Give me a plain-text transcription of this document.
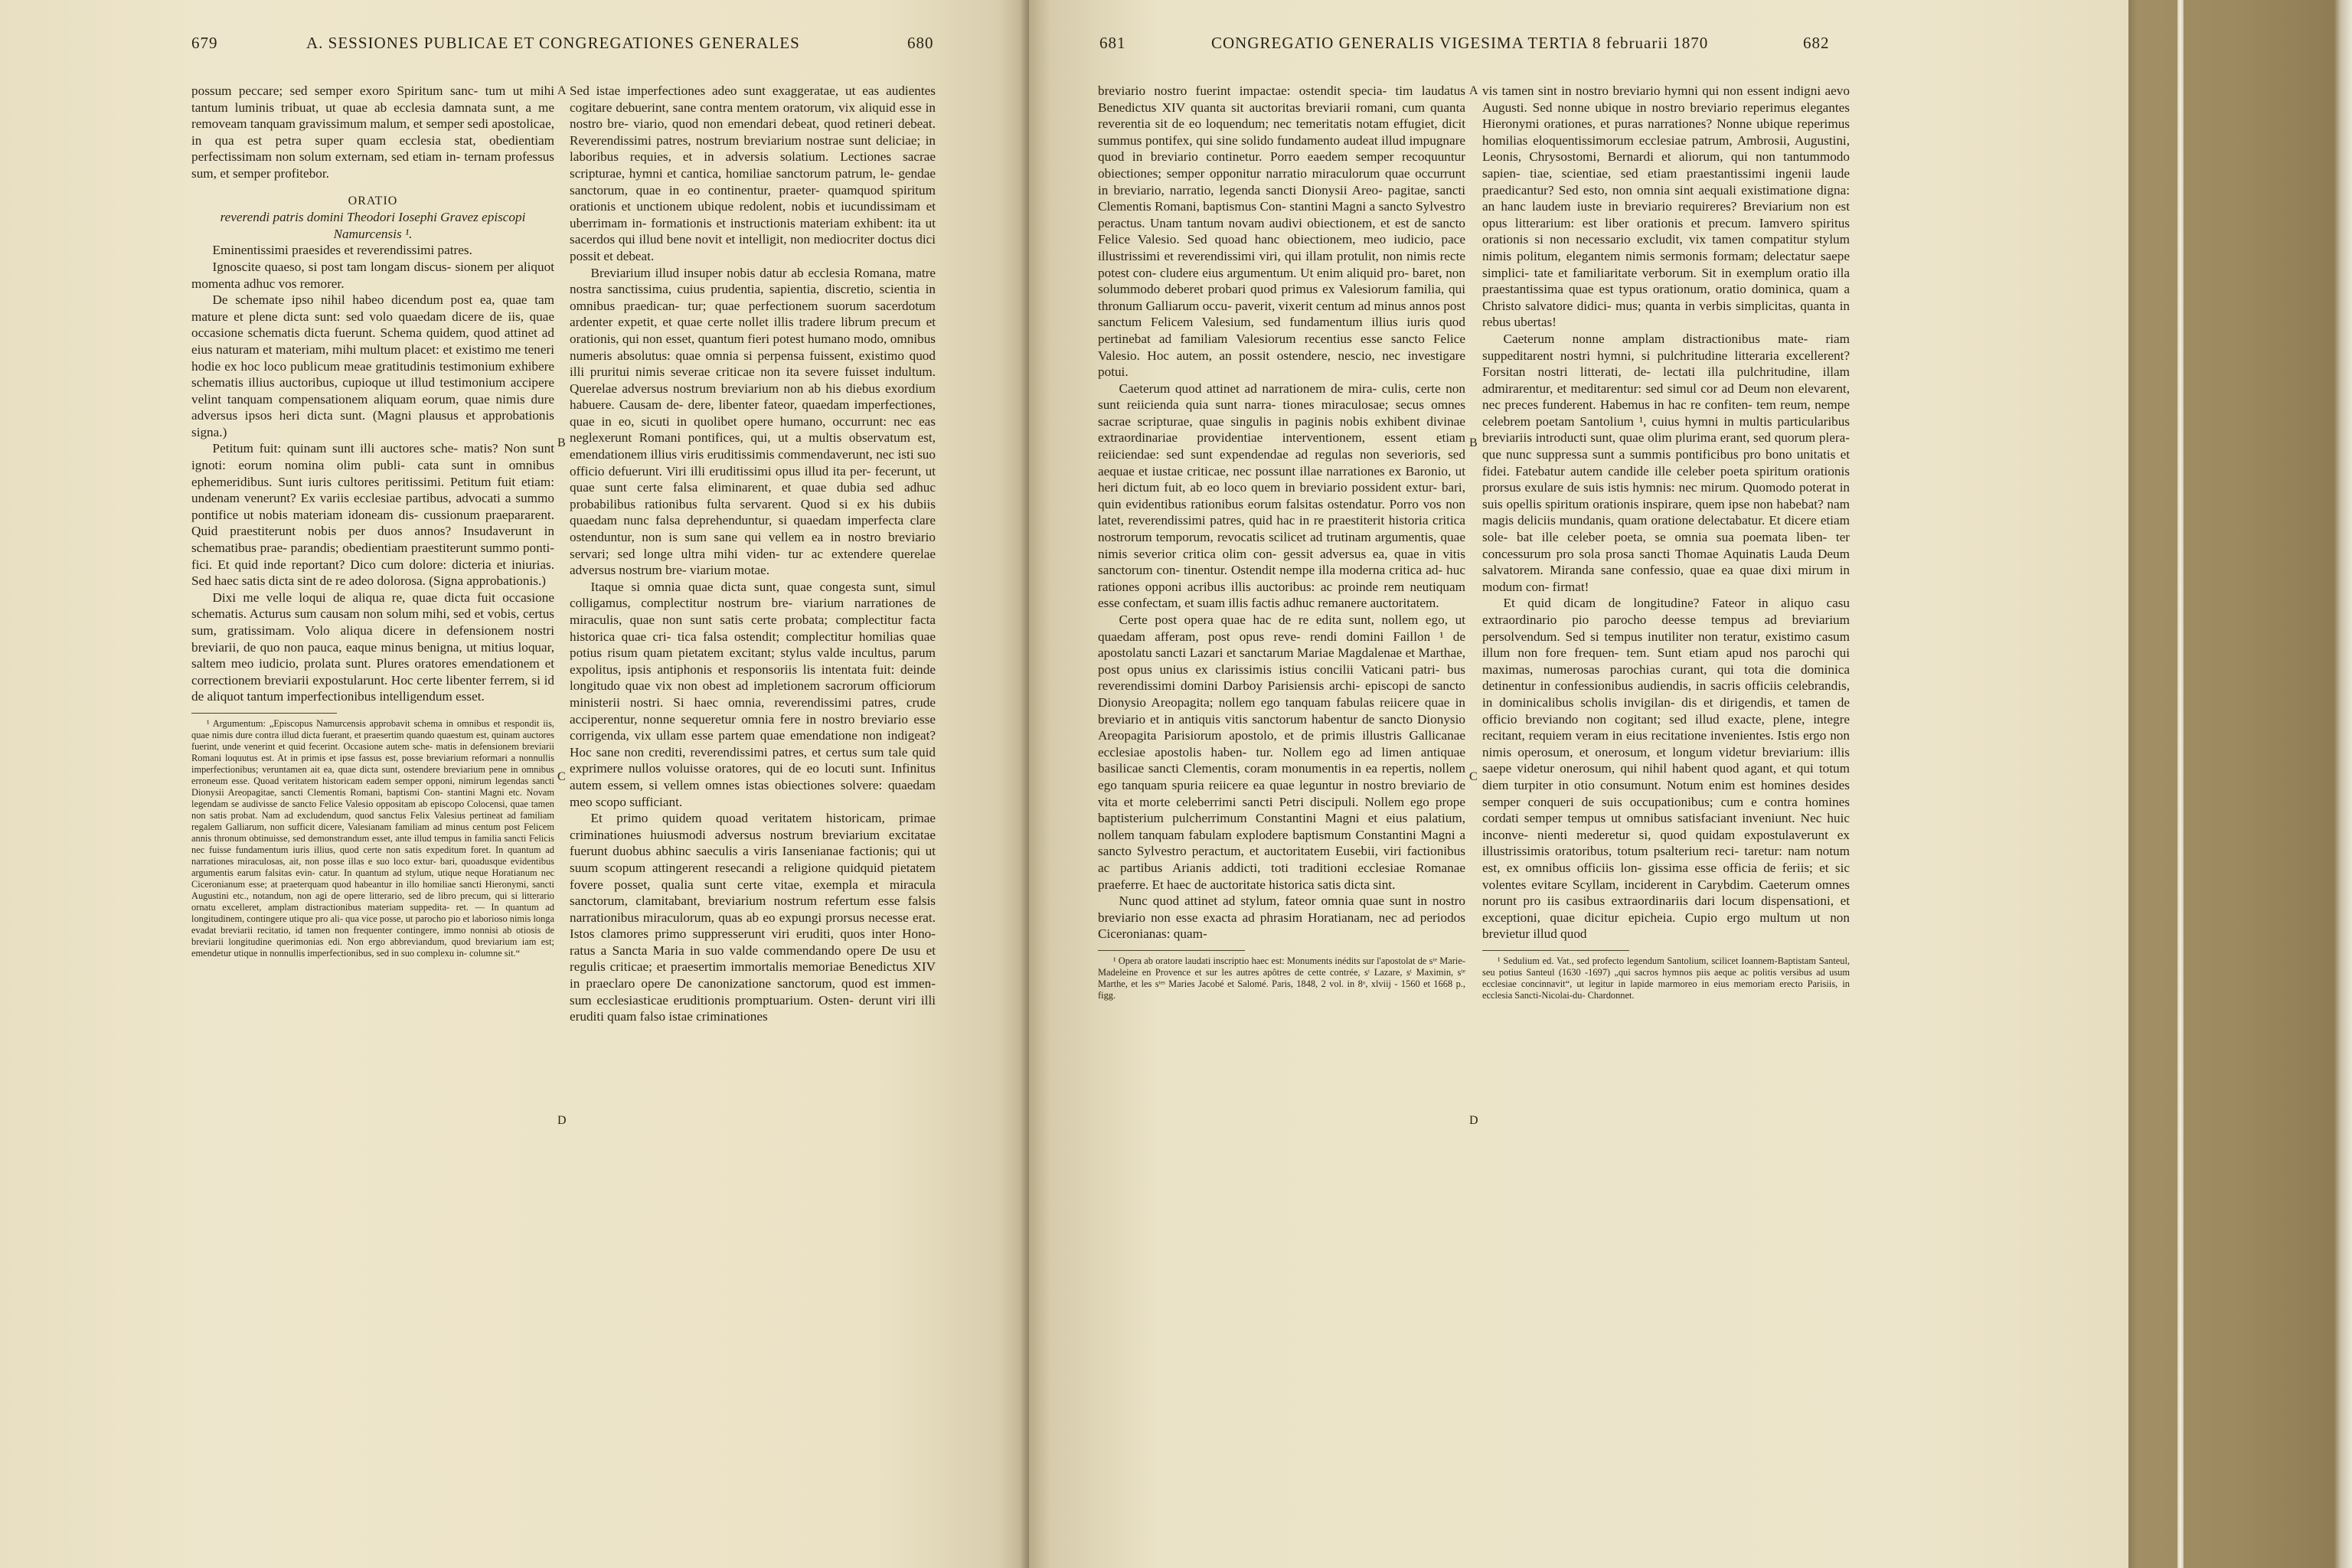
679	A. SESSIONES PUBLICAE ET CONGREGATIONES GENERALES	680

possum peccare; sed semper exoro Spiritum sanc- tum ut mihi tantum luminis tribuat, ut quae ab ecclesia damnata sunt, a me removeam tanquam gravissimum malum, et semper sedi apostolicae, in qua est petra super quam ecclesia stat, obedientiam perfectissimam non solum externam, sed etiam in- ternam professus sum, et semper profitebor.

ORATIO

reverendi patris domini Theodori Iosephi Gravez episcopi Namurcensis ¹.

Eminentissimi praesides et reverendissimi patres.

Ignoscite quaeso, si post tam longam discus- sionem per aliquot momenta adhuc vos remorer.

De schemate ipso nihil habeo dicendum post ea, quae tam mature et plene dicta sunt: sed volo quaedam dicere de iis, quae occasione schematis dicta fuerunt. Schema quidem, quod attinet ad eius naturam et materiam, mihi multum placet: et existimo me teneri hodie ex hoc loco publicum meae gratitudinis testimonium exhibere schematis illius auctoribus, cupioque ut illud testimonium accipere velint tanquam compensationem aliquam eorum, quae nimis dure adversus ipsos heri dicta sunt. (Magni plausus et approbationis signa.)

Petitum fuit: quinam sunt illi auctores sche- matis? Non sunt ignoti: eorum nomina olim publi- cata sunt in omnibus ephemeridibus. Sunt iuris cultores peritissimi. Petitum fuit etiam: undenam venerunt? Ex variis ecclesiae partibus, advocati a summo pontifice ut nobis materiam idoneam dis- cussionum praepararent. Quid praestiterunt nobis per duos annos? Insudaverunt in schematibus prae- parandis; obedientiam praestiterunt summo ponti- fici. Et quid inde reportant? Dico cum dolore: dicteria et iniurias. Sed haec satis dicta sint de re adeo dolorosa. (Signa approbationis.)

Dixi me velle loqui de aliqua re, quae dicta fuit occasione schematis. Acturus sum causam non solum mihi, sed et vobis, certus sum, gratissimam. Volo aliqua dicere in defensionem nostri breviarii, de quo non pauca, eaque minus benigna, ut mitius loquar, saltem meo iudicio, prolata sunt. Plures oratores emendationem et correctionem breviarii expostularunt. Hoc certe libenter ferrem, si id de aliquot tantum imperfectionibus intelligendum esset.

¹ Argumentum: „Episcopus Namurcensis approbavit schema in omnibus et respondit iis, quae nimis dure contra illud dicta fuerant, et praesertim quando quaestum est, quinam auctores fuerint, unde venerint et quid fecerint. Occasione autem sche- matis in defensionem breviarii Romani loquutus est. At in primis et ipse fassus est, posse breviarium reformari a nonnullis imperfectionibus; veruntamen ait ea, quae dicta sunt, ostendere breviarium pene in omnibus erroneum esse. Quoad veritatem historicam eadem semper opponi, nimirum legendas sancti Dionysii Areopagitae, sancti Clementis Romani, baptismi Con- stantini Magni etc. Novam legendam se audivisse de sancto Felice Valesio oppositam ab episcopo Colocensi, quae tamen non satis probat. Nam ad excludendum, quod sanctus Felix Valesius pertineat ad familiam regalem Galliarum, non sufficit dicere, Valesianam familiam ad minus centum post Felicem annis thronum obtinuisse, sed demonstrandum esset, ante illud tempus in familia sancti Felicis nec fuisse fundamentum iuris illius, quod certe non satis expeditum foret. In quantum ad narrationes miraculosas, ait, non posse illas e suo loco extur- bari, quoadusque evidentibus argumentis earum falsitas evin- catur. In quantum ad stylum, utique neque Horatianum nec Ciceronianum esse; at praeterquam quod habeantur in illo homiliae sancti Hieronymi, sancti Augustini etc., notandum, non agi de opere litterario, sed de libro precum, qui si litterario ornatu excelleret, amplam distractionibus materiam suppedita- ret. — In quantum ad longitudinem, contingere utique pro ali- qua vice posse, ut parocho pio et laborioso nimis longa evadat breviarii recitatio, id tamen non frequenter contingere, immo nonnisi ab otiosis de breviarii longitudine querimonias edi. Non ergo abbreviandum, quod breviarium iam est; emendetur utique in nonnullis imperfectionibus, sed in suo complexu in- columne sit.“

A
B
C
D

Sed istae imperfectiones adeo sunt exaggeratae, ut eas audientes cogitare debuerint, sane contra mentem oratorum, vix aliquid esse in nostro bre- viario, quod non emendari debeat, quod retineri debeat. Reverendissimi patres, nostrum breviarium nostrae sunt deliciae; in laboribus requies, et in adversis solatium. Lectiones sacrae scripturae, hymni et cantica, homiliae sanctorum patrum, le- gendae sanctorum, quae in eo continentur, praeter- quamquod spiritum orationis et unctionem ubique redolent, nobis et iucundissimam et uberrimam in- formationis et instructionis materiam exhibent: ita ut sacerdos qui illud bene novit et intelligit, non mediocriter doctus dici possit et debeat.

Breviarium illud insuper nobis datur ab ecclesia Romana, matre nostra sanctissima, cuius prudentia, sapientia, discretio, scientia in omnibus praedican- tur; quae perfectionem suorum sacerdotum ardenter expetit, et quae certe nollet illis tradere librum precum et orationis, qui non esset, quantum fieri potest humano modo, omnibus numeris absolutus: quae omnia si perpensa fuissent, existimo quod illi pruritui nimis severae criticae non ita severe fuisset indultum. Querelae adversus nostrum breviarium non ab his diebus exordium habuere. Causam de- dere, libenter fateor, quaedam imperfectiones, quae in eo, sicuti in quolibet opere humano, occurrunt: nec eas neglexerunt Romani pontifices, qui, ut a multis observatum est, emendationem illius viris eruditissimis commendaverunt, nec isti suo officio defuerunt. Viri illi eruditissimi opus illud ita per- fecerunt, ut quae sunt certe falsa eliminarent, et quae dubia sed adhuc probabilibus rationibus fulta servarent. Quod si ex his dubiis quaedam nunc falsa deprehenduntur, si quaedam imperfecta clare ostenduntur, non is sum sane qui vellem ea in nostro breviario servari; sed longe ultra mihi viden- tur ac extendere querelae adversus nostrum bre- viarium motae.

Itaque si omnia quae dicta sunt, quae congesta sunt, simul colligamus, complectitur nostrum bre- viarium narrationes de miraculis, quae non sunt satis certe probata; complectitur facta historica quae cri- tica falsa ostendit; complectitur homilias quae potius risum quam pietatem excitant; stylus valde incultus, parum expolitus, ipsis antiphonis et responsoriis lis intentata fuit: deinde longitudo quae vix non obest ad impletionem sacrorum officiorum ministerii nostri. Si haec omnia, reverendissimi patres, crude acciperentur, nonne sequeretur omnia fere in nostro breviario esse corrigenda, vix ullam esse partem quae emendatione non indigeat? Hoc sane non crediti, reverendissimi patres, et certus sum tale quid exprimere nullos voluisse oratores, qui de eo locuti sunt. Infinitus autem essem, si vellem omnes istas obiectiones solvere: quaedam meo scopo sufficiant.

Et primo quidem quoad veritatem historicam, primae criminationes huiusmodi adversus nostrum breviarium excitatae fuerunt duobus abhinc saeculis a viris Iansenianae factionis; qui ut suum scopum attingerent resecandi a religione quidquid pietatem fovere posset, qualia sunt certe vitae, exempla et miracula sanctorum, clamitabant, breviarium nostrum refertum esse falsis narrationibus miraculorum, quas ab eo expungi prorsus necesse erat. Istos clamores primo suppresserunt viri eruditi, quos inter Hono- ratus a Sancta Maria in suo valde commendando opere De usu et regulis criticae; et praesertim immortalis memoriae Benedictus XIV in praeclaro opere De canonizatione sanctorum, quod est immen- sum ecclesiasticae eruditionis promptuarium. Osten- derunt viri illi eruditi quam falso istae criminationes

681	CONGREGATIO GENERALIS VIGESIMA TERTIA 8 februarii 1870	682

breviario nostro fuerint impactae: ostendit specia- tim laudatus Benedictus XIV quanta sit auctoritas breviarii romani, cum quanta reverentia sit de eo loquendum; nec temeritatis notam effugiet, dicit summus pontifex, qui sine solido fundamento audeat illud impugnare quod in breviario continetur. Porro eaedem semper recoquuntur obiectiones; semper opponitur narratio miraculorum quae occurrunt in breviario, narratio, legenda sancti Dionysii Areo- pagitae, sancti Clementis Romani, baptismus Con- stantini Magni a sancto Sylvestro peractus. Unam tantum novam audivi obiectionem, et est de sancto Felice Valesio. Sed quoad hanc obiectionem, meo iudicio, pace illustrissimi et reverendissimi viri, qui illam protulit, non nimis recte potest con- cludere eius argumentum. Ut enim aliquid pro- baret, non solummodo deberet probari quod primus ex Valesiorum familia, qui thronum Galliarum occu- paverit, vixerit centum ad minus annos post sanctum Felicem Valesium, sed fundamentum illius iuris quod pertinebat ad familiam Valesiorum recentius esse sancto Felice Valesio. Hoc autem, an possit ostendere, nescio, nec investigare potui.

Caeterum quod attinet ad narrationem de mira- culis, certe non sunt reiicienda quia sunt narra- tiones miraculosae; secus omnes sacrae scripturae, quae singulis in paginis nobis exhibent divinae extraordinariae providentiae interventionem, essent etiam reiiciendae: sed sunt expendendae ad regulas non severioris, sed aequae et iustae criticae, nec possunt illae narrationes ex Baronio, ut heri dictum fuit, ab eo loco quem in breviario possident extur- bari, quin evidentibus rationibus eorum falsitas ostendatur. Porro vos non latet, reverendissimi patres, quid hac in re praestiterit historia critica nostrorum temporum, revocatis scilicet ad trutinam argumentis, quae nimis severior critica olim con- gessit adversus ea, quae in vitis sanctorum con- tinentur. Ostendit nempe illa moderna critica ad- huc rationes opponi acribus illis auctoribus: ac proinde rem neutiquam esse confectam, et suam illis factis adhuc remanere auctoritatem.

Certe post opera quae hac de re edita sunt, nollem ego, ut quaedam afferam, post opus reve- rendi domini Faillon ¹ de apostolatu sancti Lazari et sanctarum Mariae Magdalenae et Marthae, post opus unius ex clarissimis istius concilii Vaticani patri- bus reverendissimi domini Darboy Parisiensis archi- episcopi de sancto Dionysio Areopagita; nollem ego tanquam fabulas reiicere quae in breviario et in antiquis vitis sanctorum habentur de sancto Dionysio Areopagita Parisiorum apostolo, et de primis illustris Gallicanae ecclesiae apostolis haben- tur. Nollem ego ad limen antiquae basilicae sancti Clementis, coram monumentis in ea repertis, nollem ego tanquam spuria reiicere ea quae leguntur in nostro breviario de vita et morte celeberrimi sancti Petri discipuli. Nollem ego prope baptisterium pulcherrimum Constantini Magni et eius palatium, nollem tanquam fabulam explodere baptismum Constantini Magni a sancto Sylvestro peractum, et auctoritatem Eusebii, viri factionibus ac partibus Arianis addicti, toti traditioni ecclesiae Romanae praeferre. Et haec de auctoritate historica satis dicta sint.

Nunc quod attinet ad stylum, fateor omnia quae sunt in nostro breviario non esse exacta ad phrasim Horatianam, nec ad periodos Ciceronianas: quam-

¹ Opera ab oratore laudati inscriptio haec est: Monuments inédits sur l'apostolat de sᵗᵉ Marie-Madeleine en Provence et sur les autres apôtres de cette contrée, sᵗ Lazare, sᵗ Maximin, sᵗᵉ Marthe, et les sᵗᵉˢ Maries Jacobé et Salomé. Paris, 1848, 2 vol. in 8ᵒ, xlviij - 1560 et 1668 p., figg.

A
B
C
D

vis tamen sint in nostro breviario hymni qui non essent indigni aevo Augusti. Sed nonne ubique in nostro breviario reperimus elegantes Hieronymi orationes, et puras narrationes? Nonne ubique reperimus homilias eloquentissimorum ecclesiae patrum, Ambrosii, Augustini, Leonis, Chrysostomi, Bernardi et aliorum, qui non tantummodo sapien- tiae, scientiae, sed etiam praestantissimi ingenii laude praedicantur? Sed esto, non omnia sint aequali existimatione digna: an hanc laudem iuste in breviario requireres? Breviarium non est opus litterarium: est liber orationis et precum. Iamvero spiritus orationis si non necessario excludit, vix tamen compatitur stylum nimis politum, elegantem nimis sermonis formam; delectatur saepe simplici- tate et familiaritate verborum. Sit in exemplum oratio illa praestantissima quae est typus orationum, oratio dominica, quam a Christo salvatore didici- mus; quanta in verbis simplicitas, quanta in rebus ubertas!

Caeterum nonne amplam distractionibus mate- riam suppeditarent nostri hymni, si pulchritudine litteraria excellerent? Forsitan nostri litterati, de- lectati illa pulchritudine, illam admirarentur, et meditarentur: sed simul cor ad Deum non elevarent, nec preces funderent. Habemus in hac re confiten- tem reum, nempe celebrem poetam Santolium ¹, cuius hymni in multis particularibus breviariis introducti sunt, quae olim plurima erant, sed quorum plera- que nunc suppressa sunt a summis pontificibus pro bono unitatis et fidei. Fatebatur autem candide ille celeber poeta spiritum orationis prorsus exulare de suis istis hymnis: nec mirum. Quomodo poterat in suis opellis spiritum orationis inspirare, quem ipse non habebat? nam magis deliciis mundanis, quam oratione delectabatur. Et dicere etiam sole- bat ille celeber poeta, se omnia sua poemata liben- ter concessurum pro sola prosa sancti Thomae Aquinatis Lauda Deum salvatorem. Miranda sane confessio, quae ea quae dixi mirum in modum con- firmat!

Et quid dicam de longitudine? Fateor in aliquo casu extraordinario pio parocho deesse tempus ad breviarium persolvendum. Sed si tempus inutiliter non teratur, existimo casum illum non fore frequen- tem. Sunt etiam apud nos parochi qui maximas, numerosas parochias curant, qui tota die dominica detinentur in confessionibus audiendis, in sacris officiis celebrandis, in dominicalibus scholis invigilan- dis et dirigendis, et tamen de officio breviando non cogitant; sed illud exacte, plene, integre recitant, requiem veram in eius recitatione invenientes. Istis ergo non nimis operosum, et onerosum, et longum videtur breviarium: illis saepe videtur onerosum, qui nihil habent quod agant, et qui totum diem turpiter in otio consumunt. Notum enim est homines desides semper conqueri de suis occupationibus; cum e contra homines cordati semper tempus ut omnibus satisfaciant inveniunt. Nec huic inconve- nienti mederetur si, quod quidam expostulaverunt ex illustrissimis oratoribus, totum psalterium reci- taretur: nam notum est, ex omnibus officiis lon- gissima esse officia de feriis; et sic volentes evitare Scyllam, inciderent in Carybdim. Caeterum omnes norunt pro iis casibus extraordinariis dari locum dispensationi, et exceptioni, quae dicitur epicheia. Cupio ergo multum ut non brevietur illud quod

¹ Sedulium ed. Vat., sed profecto legendum Santolium, scilicet Ioannem-Baptistam Santeul, seu potius Santeul (1630 -1697) „qui sacros hymnos piis aeque ac politis versibus ad usum ecclesiae concinnavit“, ut legitur in lapide marmoreo in eius memoriam erecto Parisiis, in ecclesia Sancti-Nicolai-du- Chardonnet.
